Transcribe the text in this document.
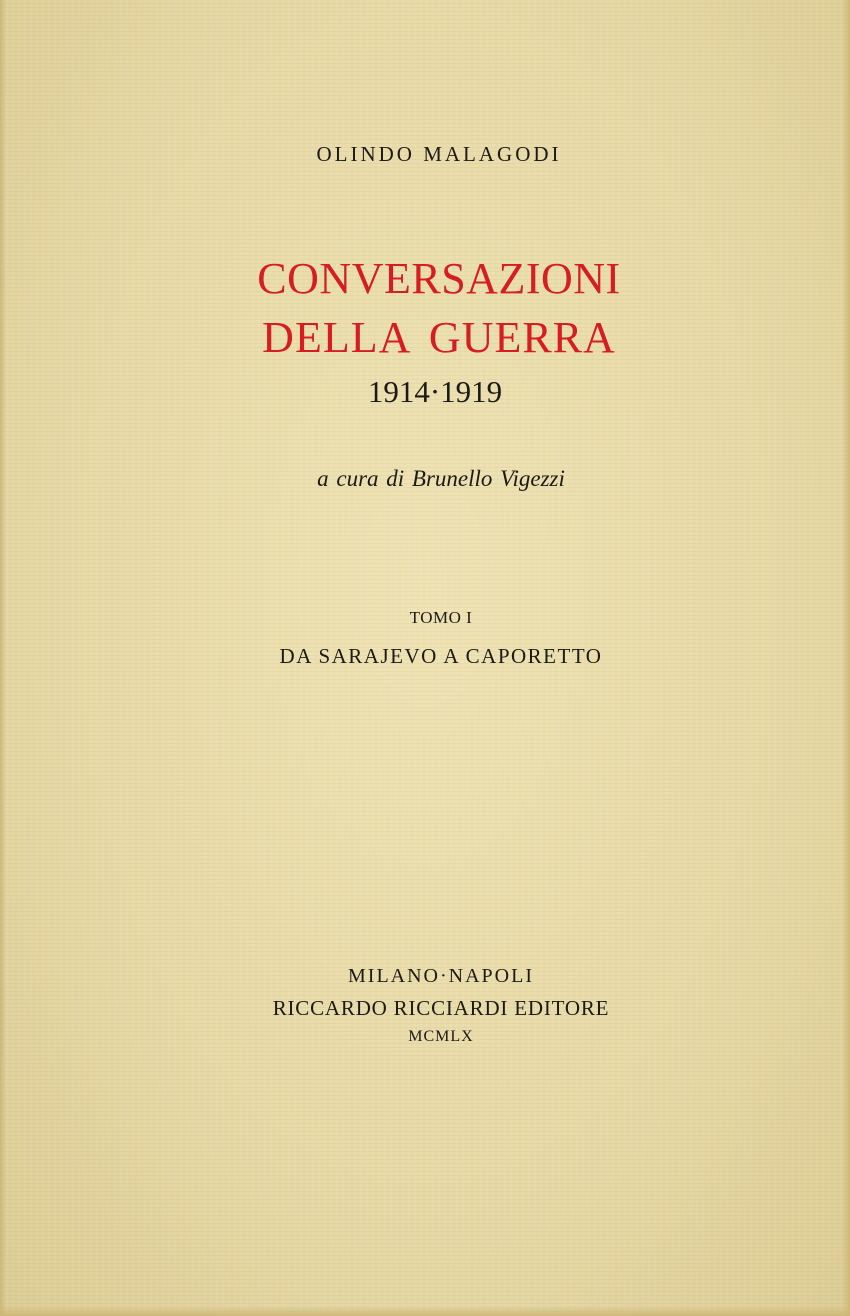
OLINDO MALAGODI
CONVERSAZIONI
DELLA GUERRA
1914·1919
a cura di Brunello Vigezzi
TOMO I
DA SARAJEVO A CAPORETTO
MILANO·NAPOLI
RICCARDO RICCIARDI EDITORE
MCMLX
